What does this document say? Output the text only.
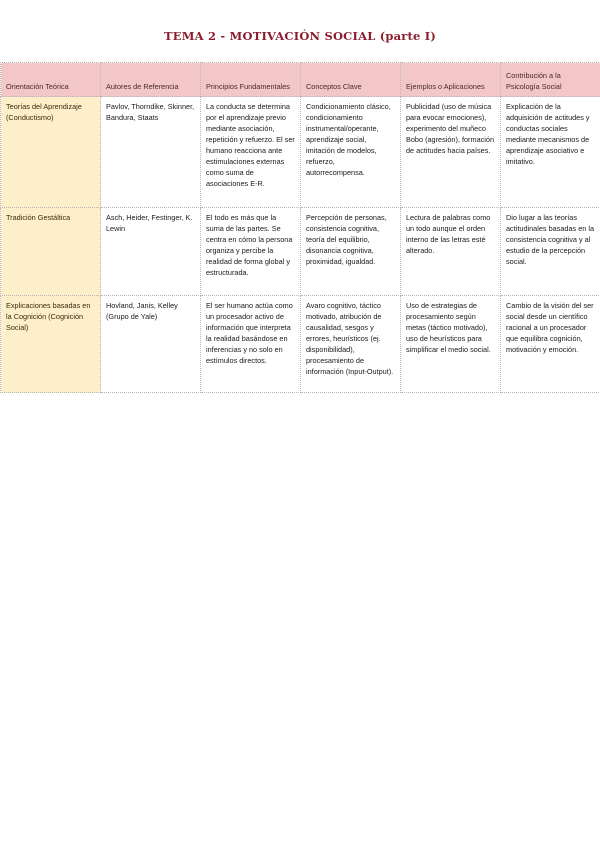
TEMA 2 - MOTIVACIÓN SOCIAL (parte I)
Orientación Teórica	Autores de Referencia	Principios Fundamentales	Conceptos Clave	Ejemplos o Aplicaciones	Contribución a la Psicología Social
Teorías del Aprendizaje (Conductismo)	Pavlov, Thorndike, Skinner, Bandura, Staats	La conducta se determina por el aprendizaje previo mediante asociación, repetición y refuerzo. El ser humano reacciona ante estimulaciones externas como suma de asociaciones E-R.	Condicionamiento clásico, condicionamiento instrumental/operante, aprendizaje social, imitación de modelos, refuerzo, autorrecompensa.	Publicidad (uso de música para evocar emociones), experimento del muñeco Bobo (agresión), formación de actitudes hacia países.	Explicación de la adquisición de actitudes y conductas sociales mediante mecanismos de aprendizaje asociativo e imitativo.
Tradición Gestáltica	Asch, Heider, Festinger, K. Lewin	El todo es más que la suma de las partes. Se centra en cómo la persona organiza y percibe la realidad de forma global y estructurada.	Percepción de personas, consistencia cognitiva, teoría del equilibrio, disonancia cognitiva, proximidad, igualdad.	Lectura de palabras como un todo aunque el orden interno de las letras esté alterado.	Dio lugar a las teorías actitudinales basadas en la consistencia cognitiva y al estudio de la percepción social.
Explicaciones basadas en la Cognición (Cognición Social)	Hovland, Janis, Kelley (Grupo de Yale)	El ser humano actúa como un procesador activo de información que interpreta la realidad basándose en inferencias y no solo en estímulos directos.	Avaro cognitivo, táctico motivado, atribución de causalidad, sesgos y errores, heurísticos (ej. disponibilidad), procesamiento de información (Input-Output).	Uso de estrategias de procesamiento según metas (táctico motivado), uso de heurísticos para simplificar el medio social.	Cambio de la visión del ser social desde un científico racional a un procesador que equilibra cognición, motivación y emoción.
